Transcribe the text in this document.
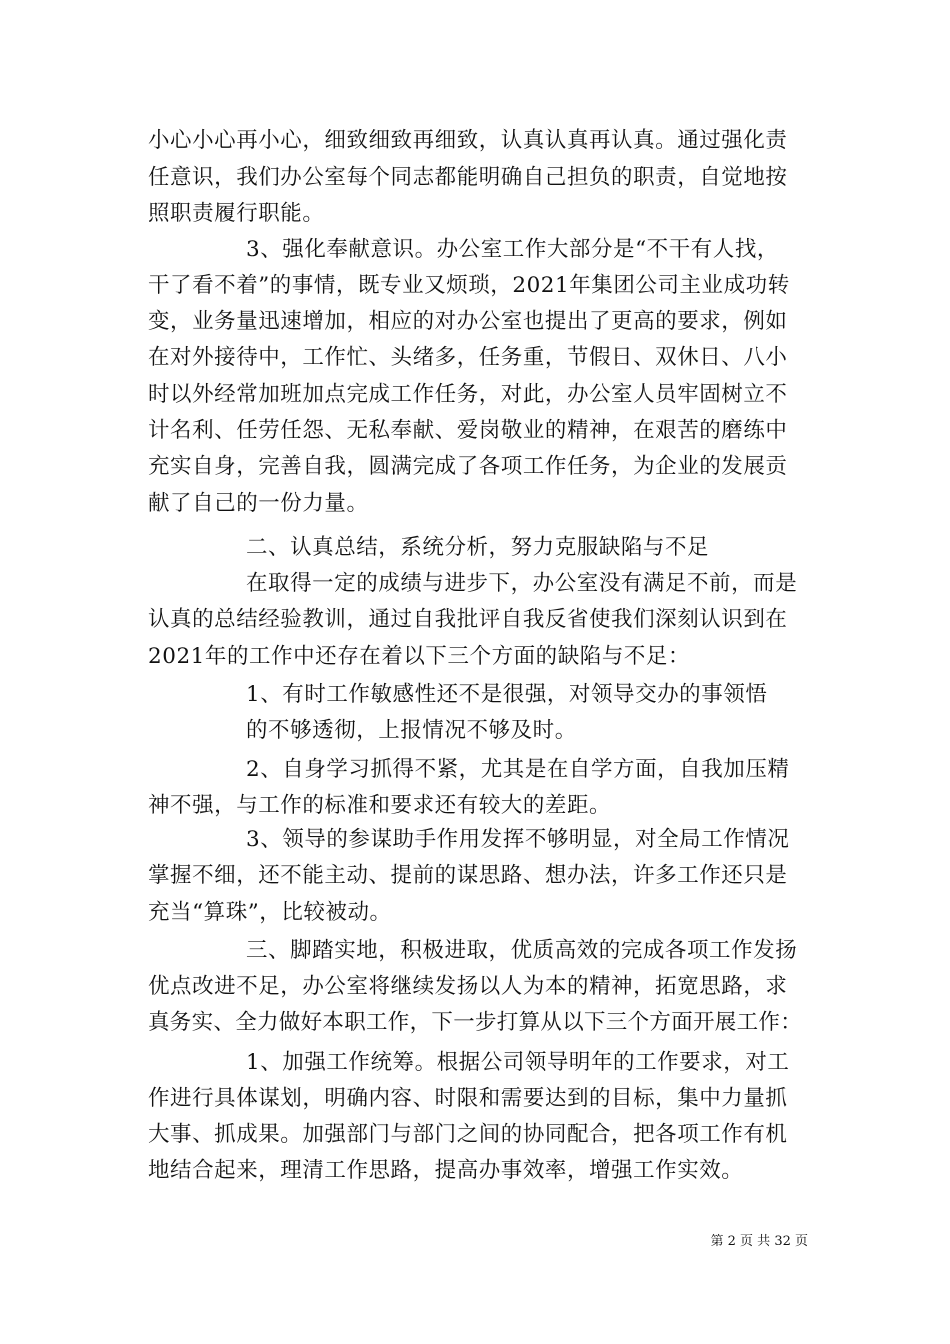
小心小心再小心，细致细致再细致，认真认真再认真。通过强化责
任意识，我们办公室每个同志都能明确自己担负的职责，自觉地按
照职责履行职能。
3、强化奉献意识。办公室工作大部分是“不干有人找，
干了看不着”的事情，既专业又烦琐，2021年集团公司主业成功转
变，业务量迅速增加，相应的对办公室也提出了更高的要求，例如
在对外接待中，工作忙、头绪多，任务重，节假日、双休日、八小
时以外经常加班加点完成工作任务，对此，办公室人员牢固树立不
计名利、任劳任怨、无私奉献、爱岗敬业的精神，在艰苦的磨练中
充实自身，完善自我，圆满完成了各项工作任务，为企业的发展贡
献了自己的一份力量。
二、认真总结，系统分析，努力克服缺陷与不足
在取得一定的成绩与进步下，办公室没有满足不前，而是
认真的总结经验教训，通过自我批评自我反省使我们深刻认识到在
2021年的工作中还存在着以下三个方面的缺陷与不足：
1、有时工作敏感性还不是很强，对领导交办的事领悟
的不够透彻，上报情况不够及时。
2、自身学习抓得不紧，尤其是在自学方面，自我加压精
神不强，与工作的标准和要求还有较大的差距。
3、领导的参谋助手作用发挥不够明显，对全局工作情况
掌握不细，还不能主动、提前的谋思路、想办法，许多工作还只是
充当“算珠”，比较被动。
三、脚踏实地，积极进取，优质高效的完成各项工作发扬
优点改进不足，办公室将继续发扬以人为本的精神，拓宽思路，求
真务实、全力做好本职工作，下一步打算从以下三个方面开展工作：
1、加强工作统筹。根据公司领导明年的工作要求，对工
作进行具体谋划，明确内容、时限和需要达到的目标，集中力量抓
大事、抓成果。加强部门与部门之间的协同配合，把各项工作有机
地结合起来，理清工作思路，提高办事效率，增强工作实效。
第 2 页 共 32 页
